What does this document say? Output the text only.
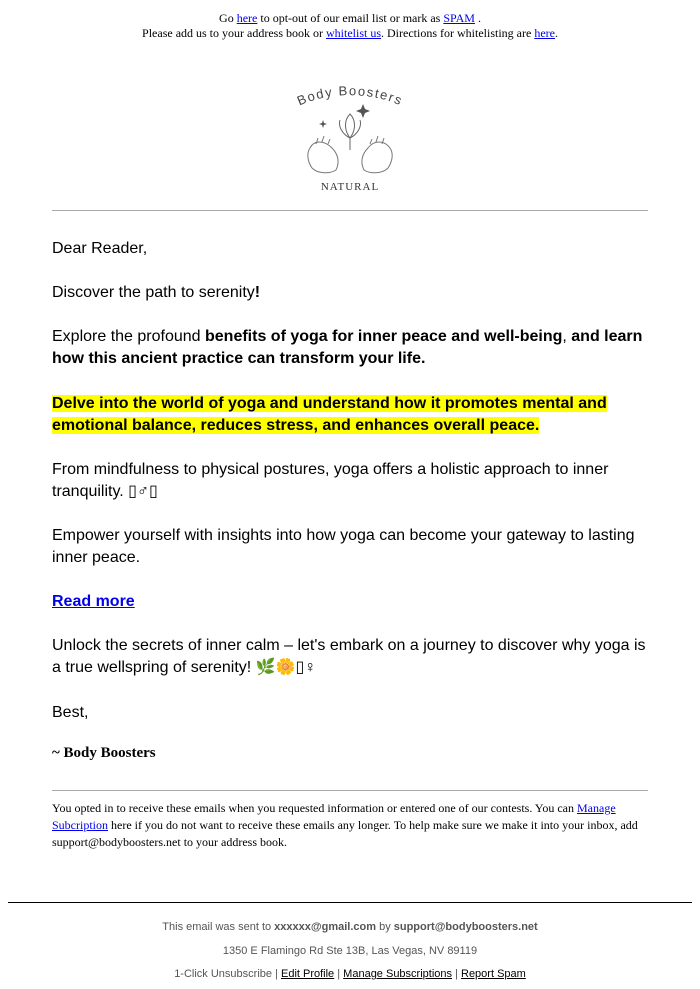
Go here to opt-out of our email list or mark as SPAM .
Please add us to your address book or whitelist us. Directions for whitelisting are here.
Body Boosters
NATURAL

Dear Reader,

Discover the path to serenity!

Explore the profound benefits of yoga for inner peace and well-being, and learn how this ancient practice can transform your life.

Delve into the world of yoga and understand how it promotes mental and
emotional balance, reduces stress, and enhances overall peace.

From mindfulness to physical postures, yoga offers a holistic approach to inner tranquility. ▯♂▯

Empower yourself with insights into how yoga can become your gateway to lasting inner peace.

Read more

Unlock the secrets of inner calm – let's embark on a journey to discover why yoga is a true wellspring of serenity! 🌿🌼▯♀

Best,

~ Body Boosters
You opted in to receive these emails when you requested information or entered one of our contests. You can Manage Subcription here if you do not want to receive these emails any longer. To help make sure we make it into your inbox, add support@bodyboosters.net to your address book.
This email was sent to xxxxxx@gmail.com by support@bodyboosters.net
1350 E Flamingo Rd Ste 13B, Las Vegas, NV 89119
1-Click Unsubscribe | Edit Profile | Manage Subscriptions | Report Spam
